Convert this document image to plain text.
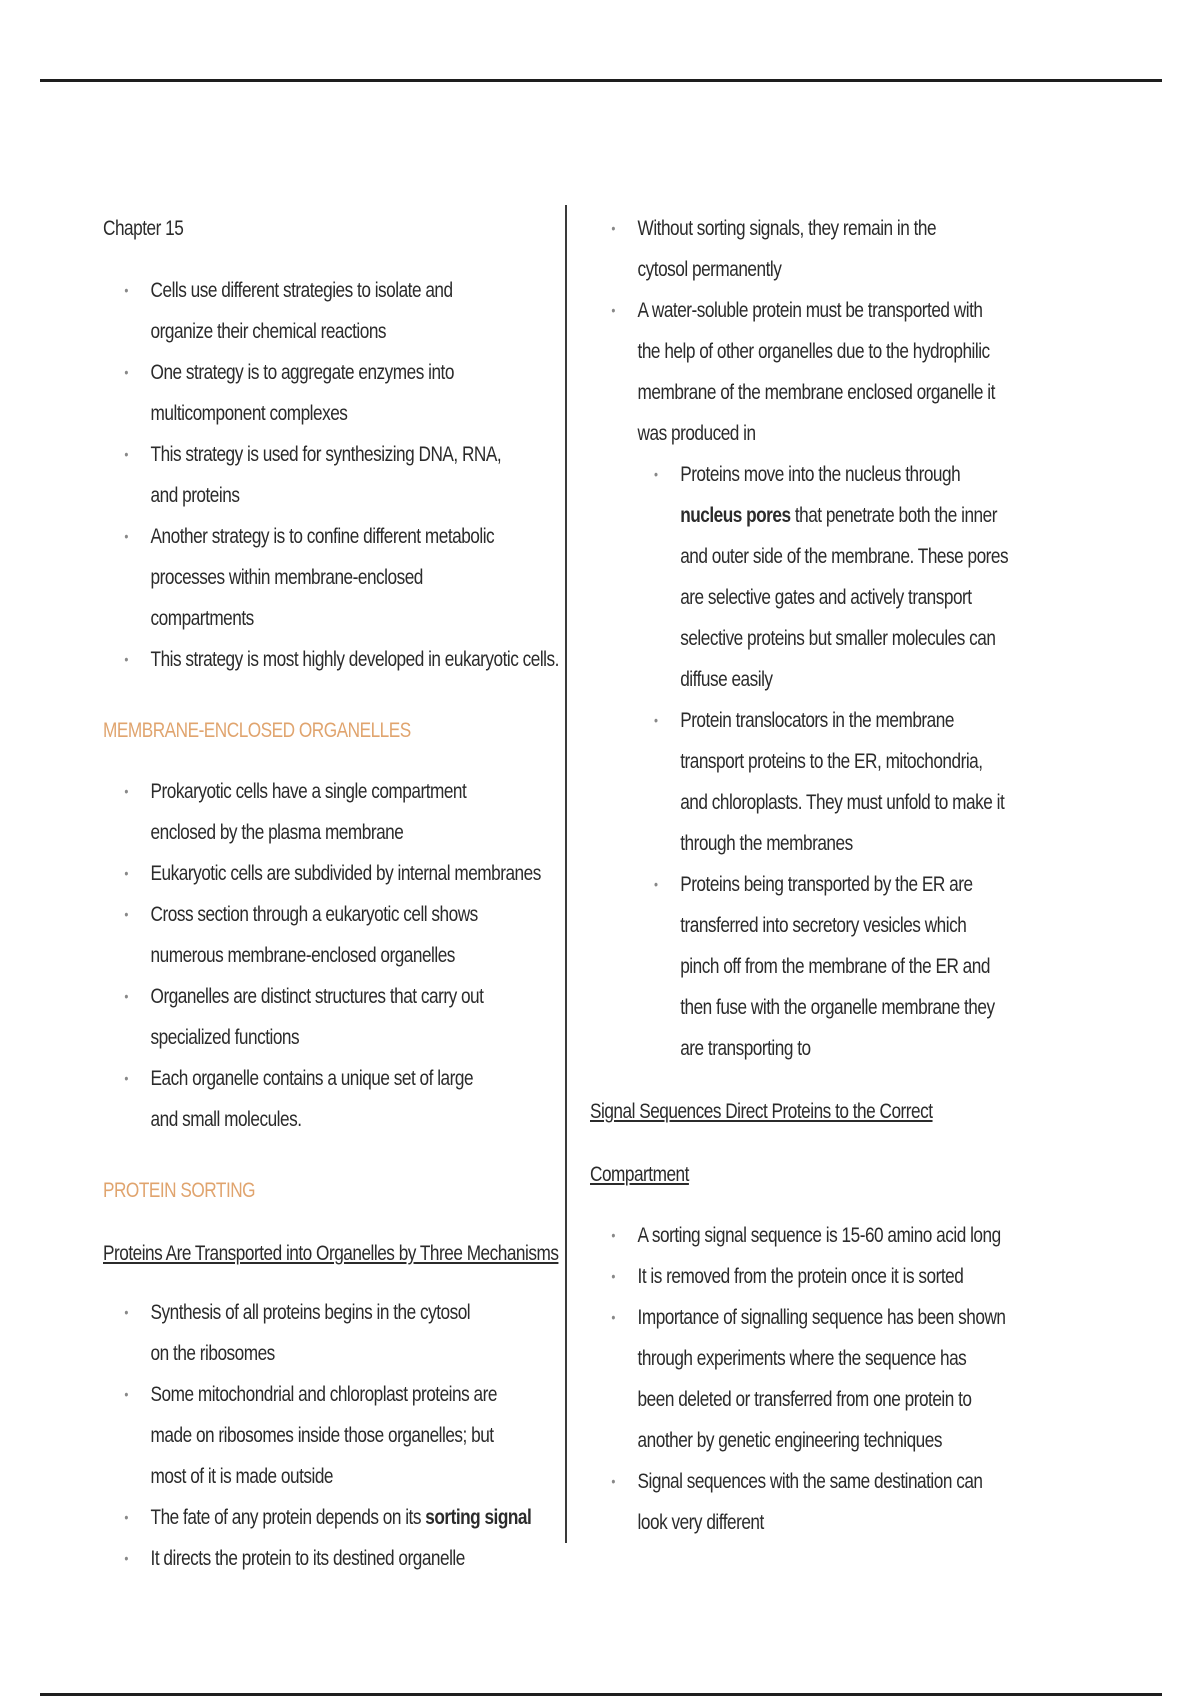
Chapter 15
• Cells use different strategies to isolate and organize their chemical reactions
• One strategy is to aggregate enzymes into multicomponent complexes
• This strategy is used for synthesizing DNA, RNA, and proteins
• Another strategy is to confine different metabolic processes within membrane-enclosed compartments
• This strategy is most highly developed in eukaryotic cells.
MEMBRANE-ENCLOSED ORGANELLES
• Prokaryotic cells have a single compartment enclosed by the plasma membrane
• Eukaryotic cells are subdivided by internal membranes
• Cross section through a eukaryotic cell shows numerous membrane-enclosed organelles
• Organelles are distinct structures that carry out specialized functions
• Each organelle contains a unique set of large and small molecules.
PROTEIN SORTING
Proteins Are Transported into Organelles by Three Mechanisms
• Synthesis of all proteins begins in the cytosol on the ribosomes
• Some mitochondrial and chloroplast proteins are made on ribosomes inside those organelles; but most of it is made outside
• The fate of any protein depends on its sorting signal
• It directs the protein to its destined organelle
• Without sorting signals, they remain in the cytosol permanently
• A water-soluble protein must be transported with the help of other organelles due to the hydrophilic membrane of the membrane enclosed organelle it was produced in
• Proteins move into the nucleus through nucleus pores that penetrate both the inner and outer side of the membrane. These pores are selective gates and actively transport selective proteins but smaller molecules can diffuse easily
• Protein translocators in the membrane transport proteins to the ER, mitochondria, and chloroplasts. They must unfold to make it through the membranes
• Proteins being transported by the ER are transferred into secretory vesicles which pinch off from the membrane of the ER and then fuse with the organelle membrane they are transporting to
Signal Sequences Direct Proteins to the Correct
Compartment
• A sorting signal sequence is 15-60 amino acid long
• It is removed from the protein once it is sorted
• Importance of signalling sequence has been shown through experiments where the sequence has been deleted or transferred from one protein to another by genetic engineering techniques
• Signal sequences with the same destination can look very different
